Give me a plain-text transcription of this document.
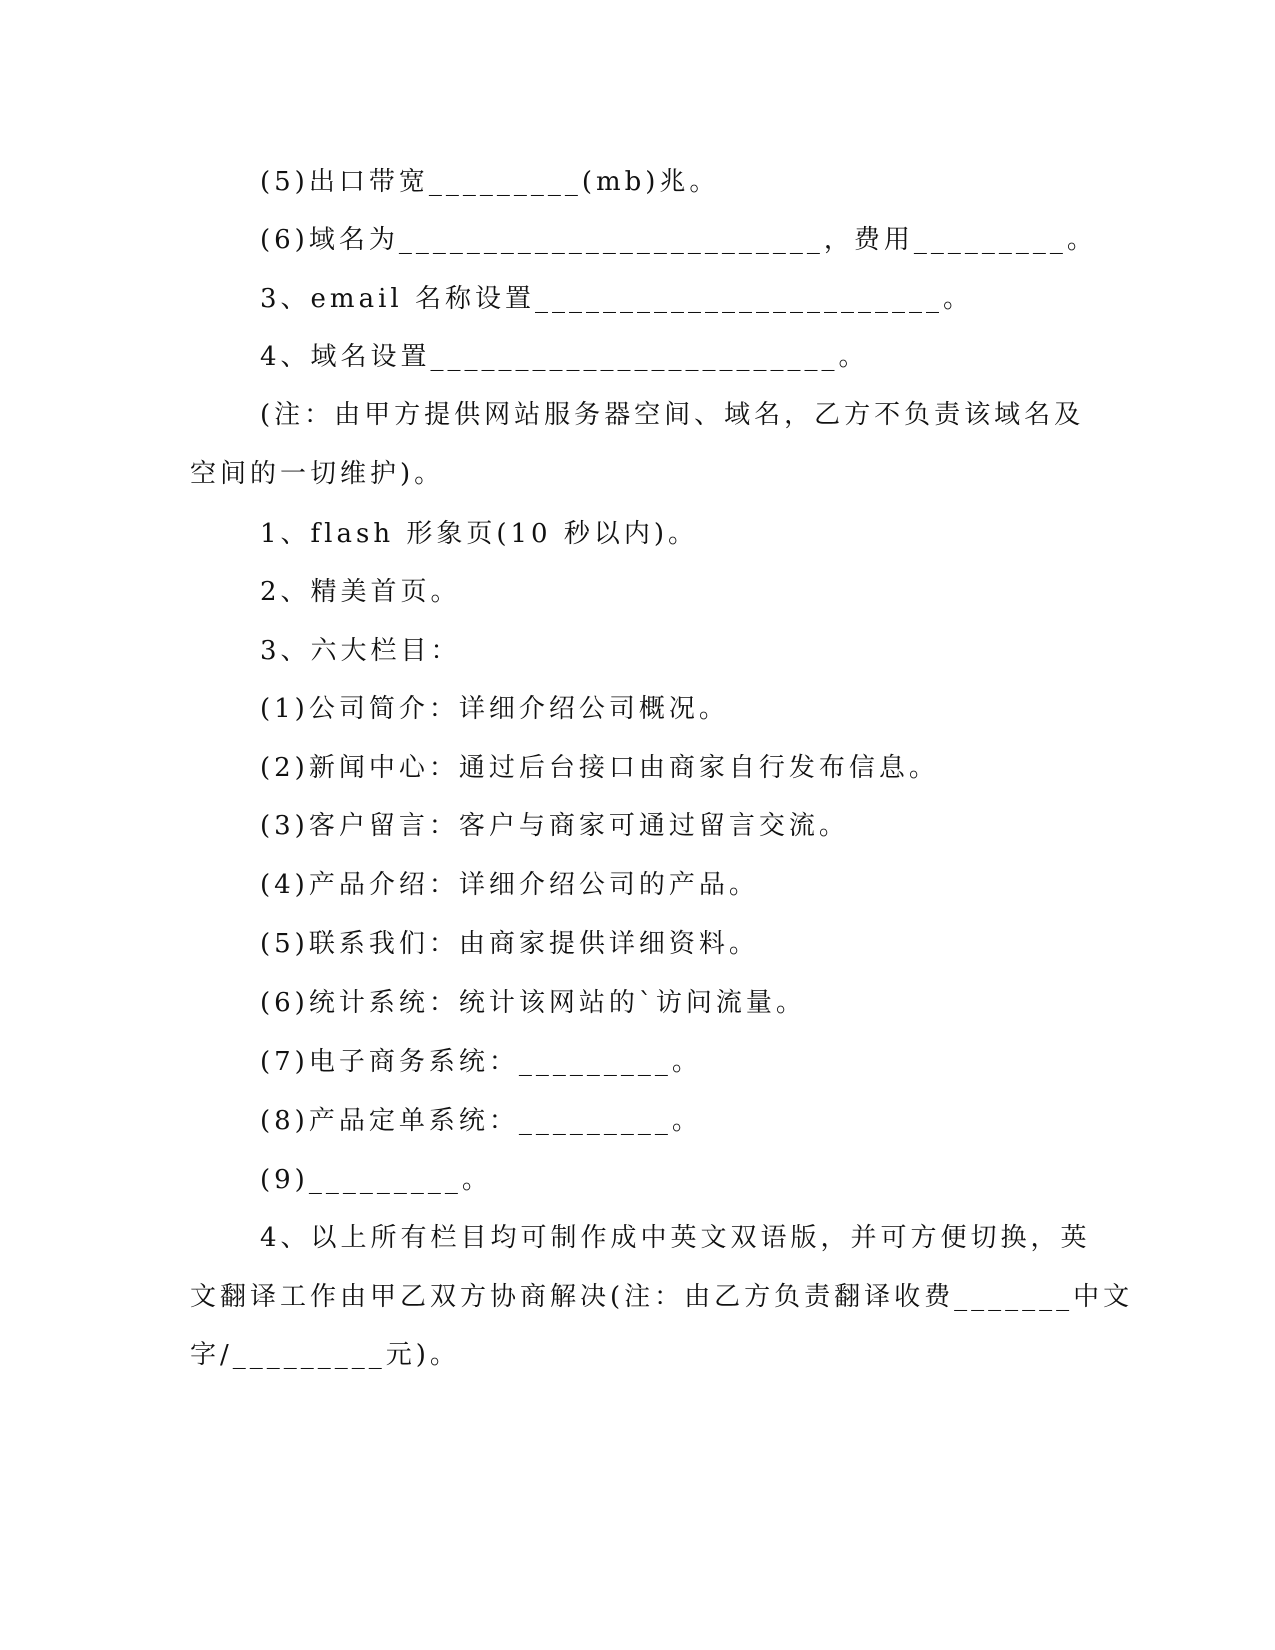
(5)出口带宽_________(mb)兆。
(6)域名为_________________________，费用_________。
3、email 名称设置________________________。
4、域名设置________________________。
(注：由甲方提供网站服务器空间、域名，乙方不负责该域名及
空间的一切维护)。
1、flash 形象页(10 秒以内)。
2、精美首页。
3、六大栏目：
(1)公司简介：详细介绍公司概况。
(2)新闻中心：通过后台接口由商家自行发布信息。
(3)客户留言：客户与商家可通过留言交流。
(4)产品介绍：详细介绍公司的产品。
(5)联系我们：由商家提供详细资料。
(6)统计系统：统计该网站的`访问流量。
(7)电子商务系统：_________。
(8)产品定单系统：_________。
(9)_________。
4、以上所有栏目均可制作成中英文双语版，并可方便切换，英
文翻译工作由甲乙双方协商解决(注：由乙方负责翻译收费_______中文
字/_________元)。
